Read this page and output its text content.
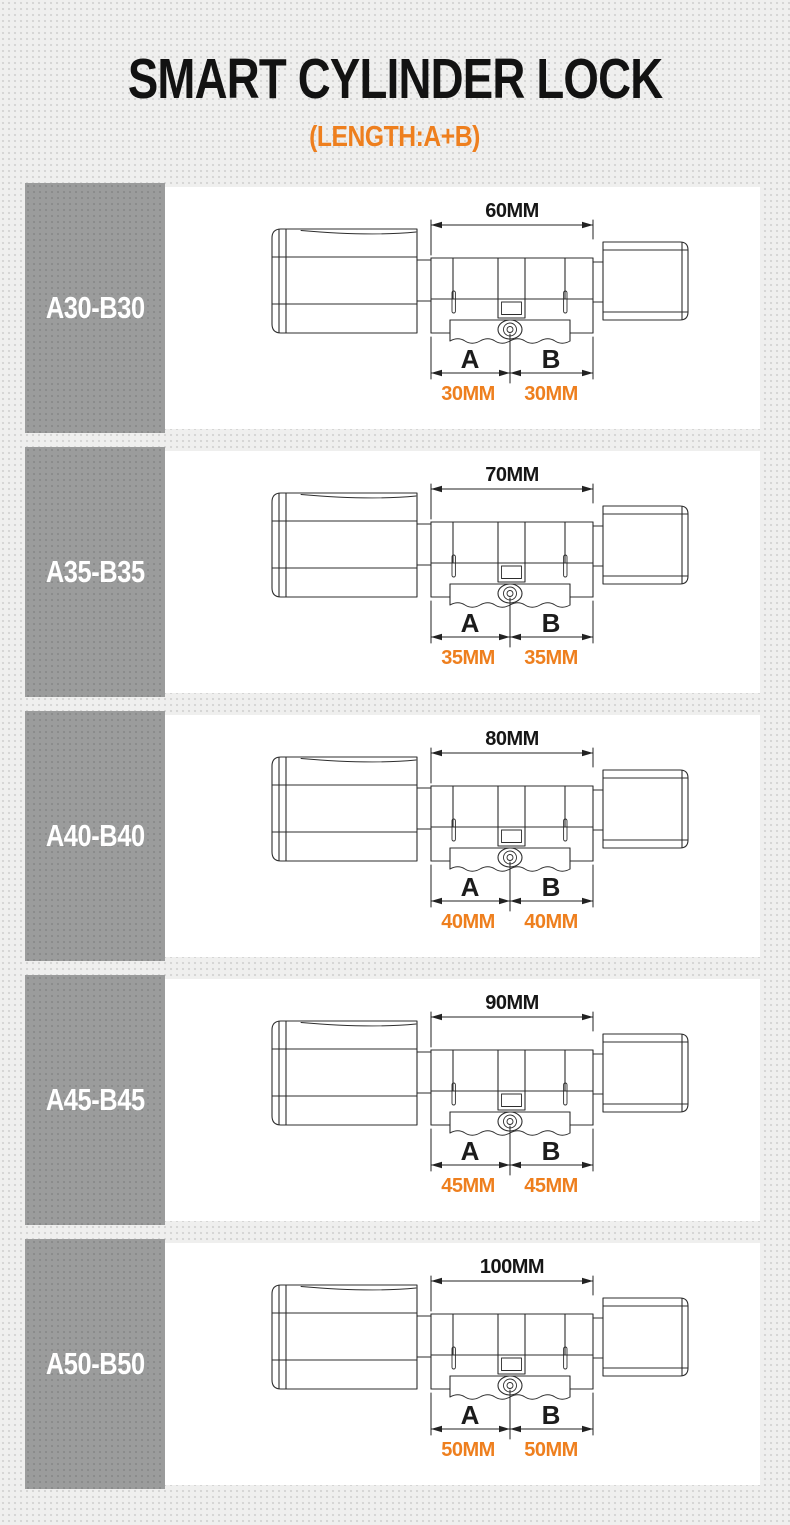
SMART CYLINDER LOCK
(LENGTH:A+B)
A30-B30
60MM
A B
30MM 30MM
A35-B35
70MM
A B
35MM 35MM
A40-B40
80MM
A B
40MM 40MM
A45-B45
90MM
A B
45MM 45MM
A50-B50
100MM
A B
50MM 50MM
